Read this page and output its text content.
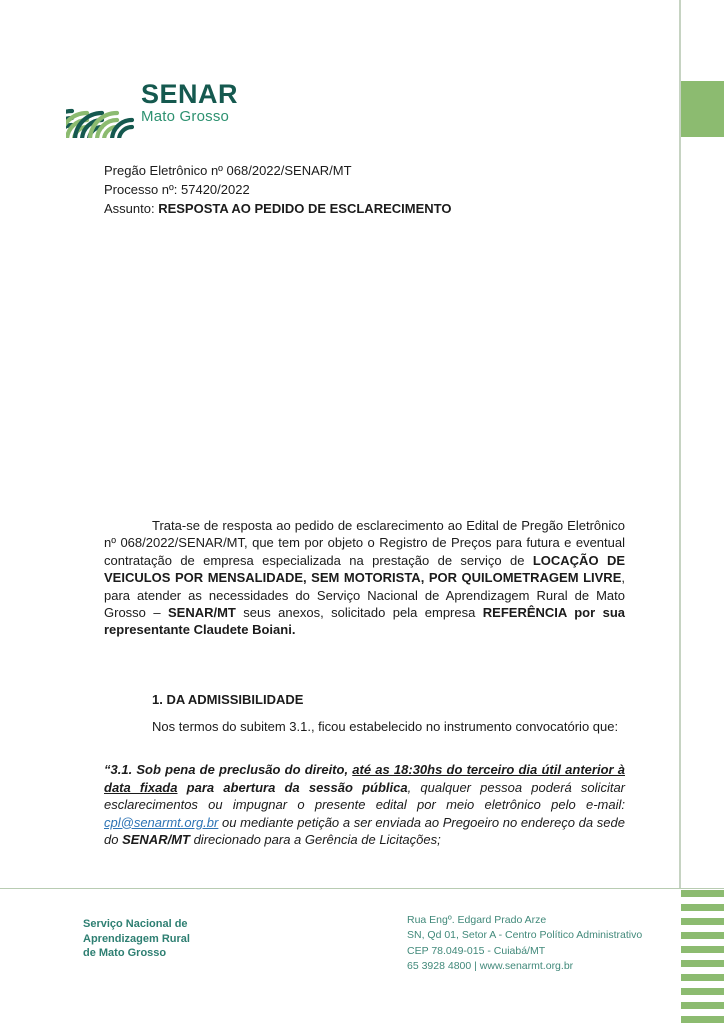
SENAR
Mato Grosso
Pregão Eletrônico nº 068/2022/SENAR/MT
Processo nº: 57420/2022
Assunto: RESPOSTA AO PEDIDO DE ESCLARECIMENTO
Trata-se de resposta ao pedido de esclarecimento ao Edital de Pregão Eletrônico nº 068/2022/SENAR/MT, que tem por objeto o Registro de Preços para futura e eventual contratação de empresa especializada na prestação de serviço de LOCAÇÃO DE VEICULOS POR MENSALIDADE, SEM MOTORISTA, POR QUILOMETRAGEM LIVRE, para atender as necessidades do Serviço Nacional de Aprendizagem Rural de Mato Grosso – SENAR/MT seus anexos, solicitado pela empresa REFERÊNCIA por sua representante Claudete Boiani.
1. DA ADMISSIBILIDADE
Nos termos do subitem 3.1., ficou estabelecido no instrumento convocatório que:
“3.1. Sob pena de preclusão do direito, até as 18:30hs do terceiro dia útil anterior à data fixada para abertura da sessão pública, qualquer pessoa poderá solicitar esclarecimentos ou impugnar o presente edital por meio eletrônico pelo e-mail: cpl@senarmt.org.br ou mediante petição a ser enviada ao Pregoeiro no endereço da sede do SENAR/MT direcionado para a Gerência de Licitações;
Serviço Nacional de
Aprendizagem Rural
de Mato Grosso
Rua Engº. Edgard Prado Arze
SN, Qd 01, Setor A - Centro Político Administrativo
CEP 78.049-015 - Cuiabá/MT
65 3928 4800 | www.senarmt.org.br
